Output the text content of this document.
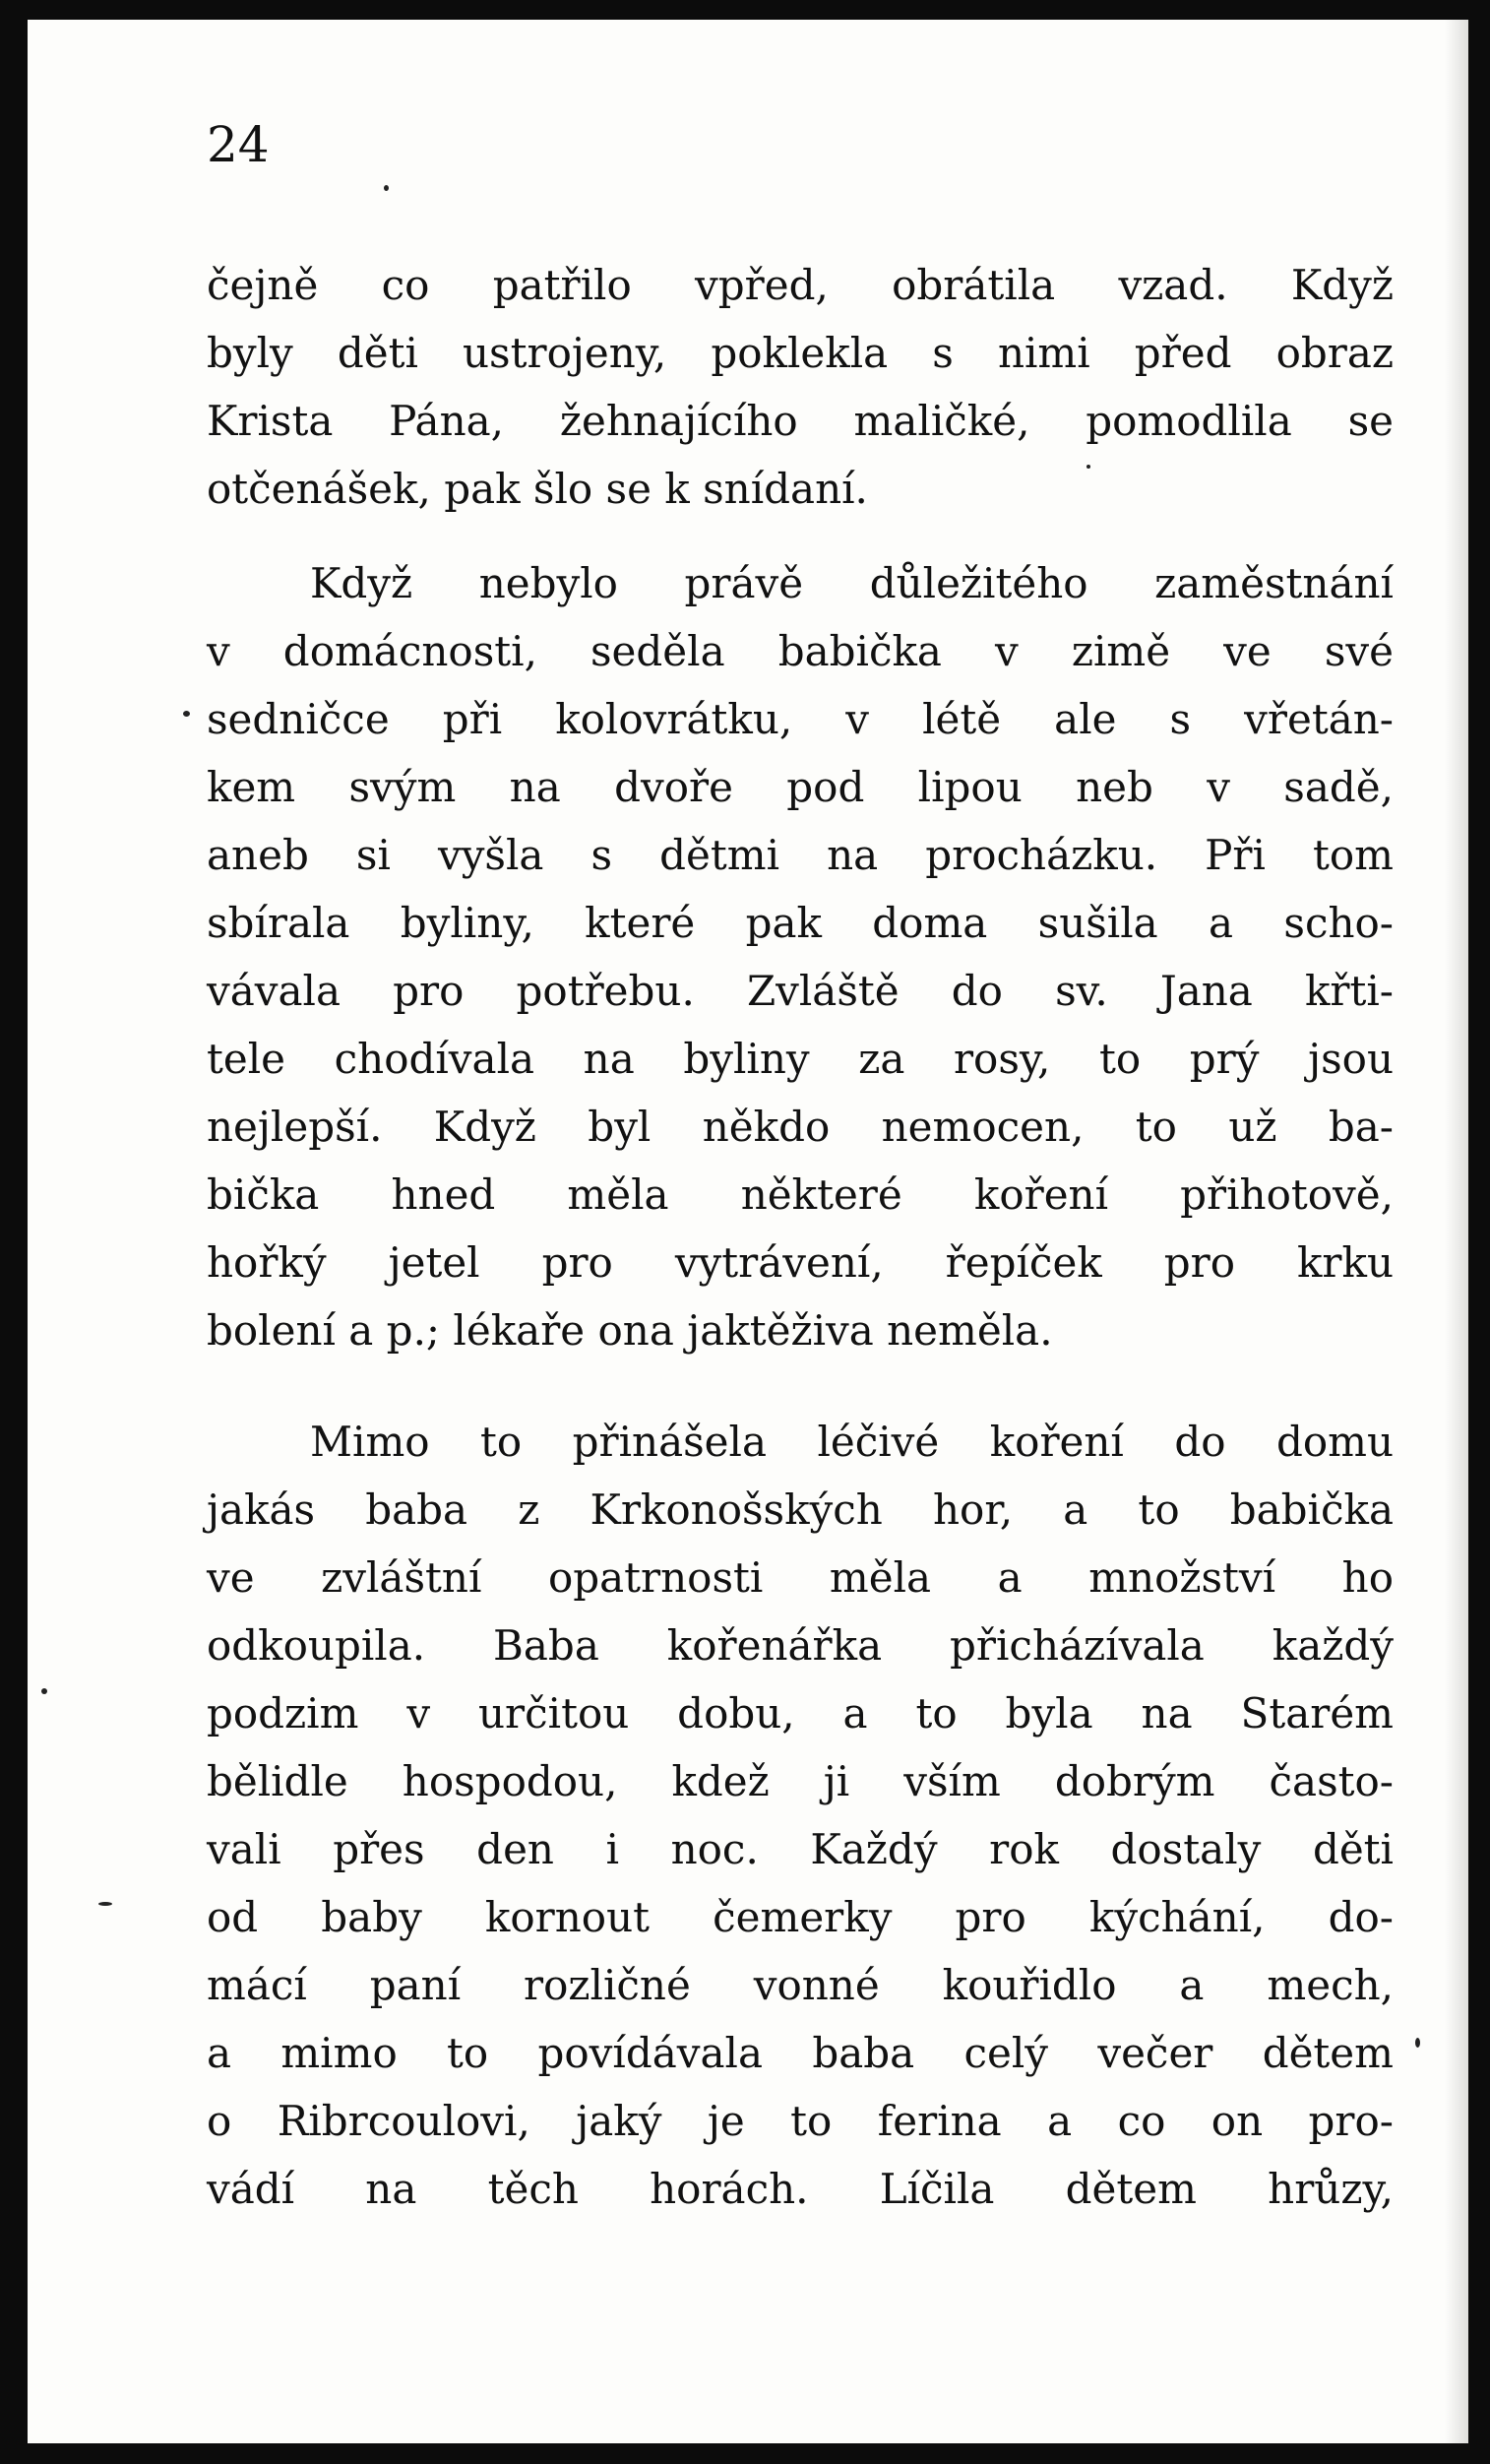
24
čejně co patřilo vpřed, obrátila vzad. Když
byly děti ustrojeny, poklekla s nimi před obraz
Krista Pána, žehnajícího maličké, pomodlila se
otčenášek, pak šlo se k snídaní.
Když nebylo právě důležitého zaměstnání
v domácnosti, seděla babička v zimě ve své
sedničce při kolovrátku, v létě ale s vřetán-
kem svým na dvoře pod lipou neb v sadě,
aneb si vyšla s dětmi na procházku. Při tom
sbírala byliny, které pak doma sušila a scho-
vávala pro potřebu. Zvláště do sv. Jana křti-
tele chodívala na byliny za rosy, to prý jsou
nejlepší. Když byl někdo nemocen, to už ba-
bička hned měla některé koření přihotově,
hořký jetel pro vytrávení, řepíček pro krku
bolení a p.; lékaře ona jaktěživa neměla.
Mimo to přinášela léčivé koření do domu
jakás baba z Krkonošských hor, a to babička
ve zvláštní opatrnosti měla a množství ho
odkoupila. Baba kořenářka přicházívala každý
podzim v určitou dobu, a to byla na Starém
bělidle hospodou, kdež ji vším dobrým často-
vali přes den i noc. Každý rok dostaly děti
od baby kornout čemerky pro kýchání, do-
mácí paní rozličné vonné kouřidlo a mech,
a mimo to povídávala baba celý večer dětem
o Ribrcoulovi, jaký je to ferina a co on pro-
vádí na těch horách. Líčila dětem hrůzy,
